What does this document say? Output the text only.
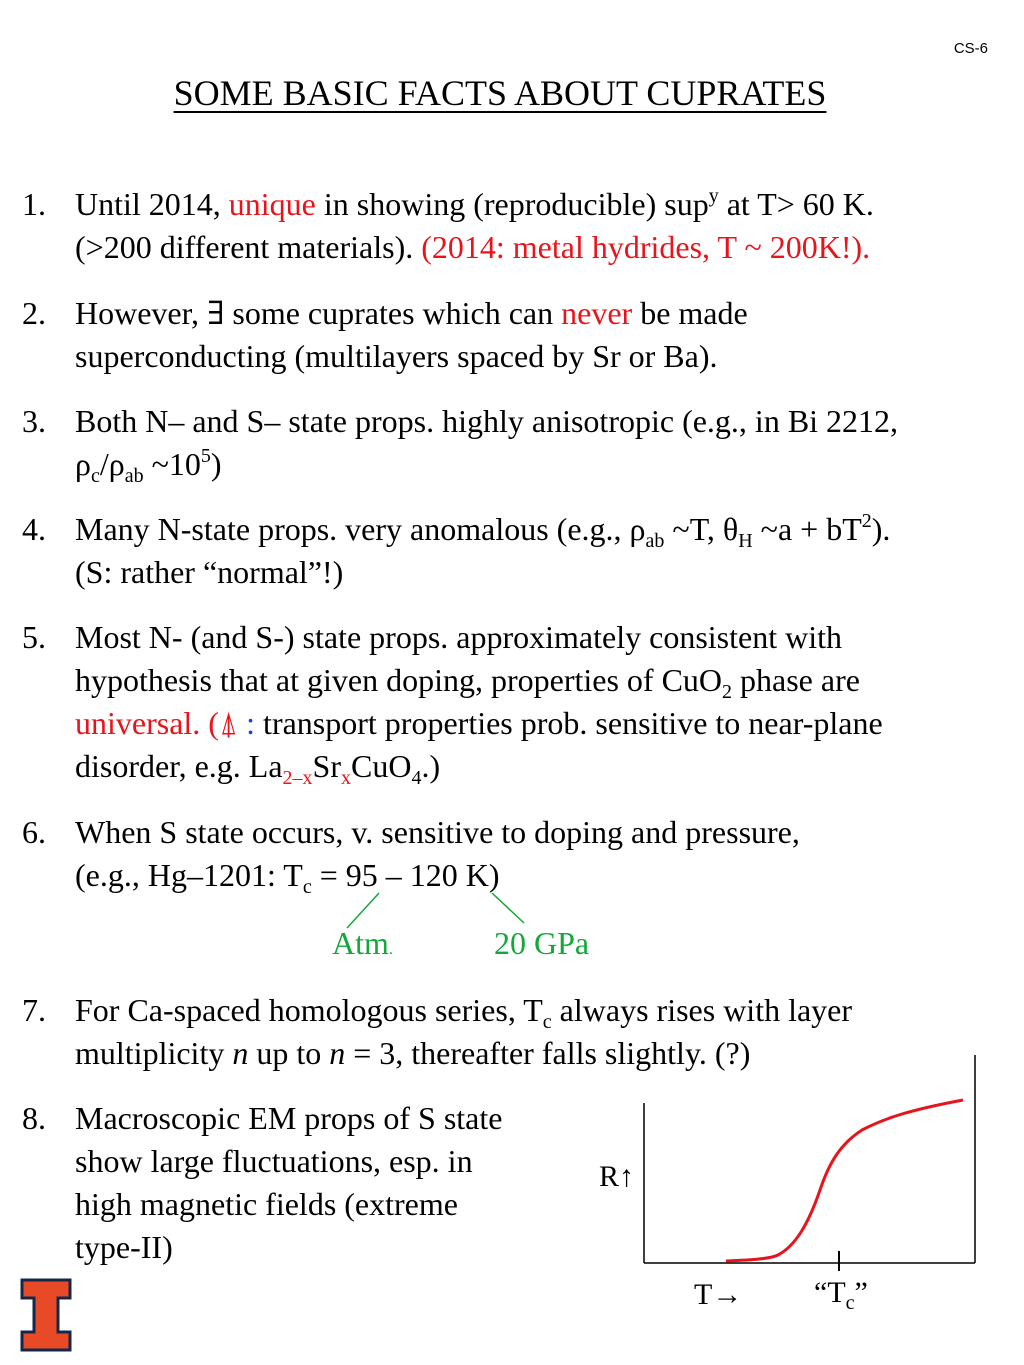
CS-6
SOME BASIC FACTS ABOUT CUPRATES
1. Until 2014, unique in showing (reproducible) sup$^y$ at T> 60 K.
(>200 different materials). (2014: metal hydrides, T ~ 200K!).
2. However, ∃ some cuprates which can never be made
superconducting (multilayers spaced by Sr or Ba).
3. Both N– and S– state props. highly anisotropic (e.g., in Bi 2212,
$\rho_c/\rho_{ab}$ $\sim 10^5$)
4. Many N-state props. very anomalous (e.g., $\rho_{ab}$ ~T, $\theta_H$ ~a + $bT^2$).
(S: rather “normal”!)
5. Most N- (and S-) state props. approximately consistent with
hypothesis that at given doping, properties of CuO$_2$ phase are
universal. (⍋ : transport properties prob. sensitive to near-plane
disorder, e.g. $La_{2-x}Sr_xCuO_4$.)
6. When S state occurs, v. sensitive to doping and pressure,
(e.g., Hg–1201: $T_c = 95 - 120$ K)
Atm.	20 GPa
7. For Ca-spaced homologous series, $T_c$ always rises with layer
multiplicity n up to n = 3, thereafter falls slightly. (?)
8. Macroscopic EM props of S state
show large fluctuations, esp. in
high magnetic fields (extreme
type-II)
R↑
$T\to “T_c$”
